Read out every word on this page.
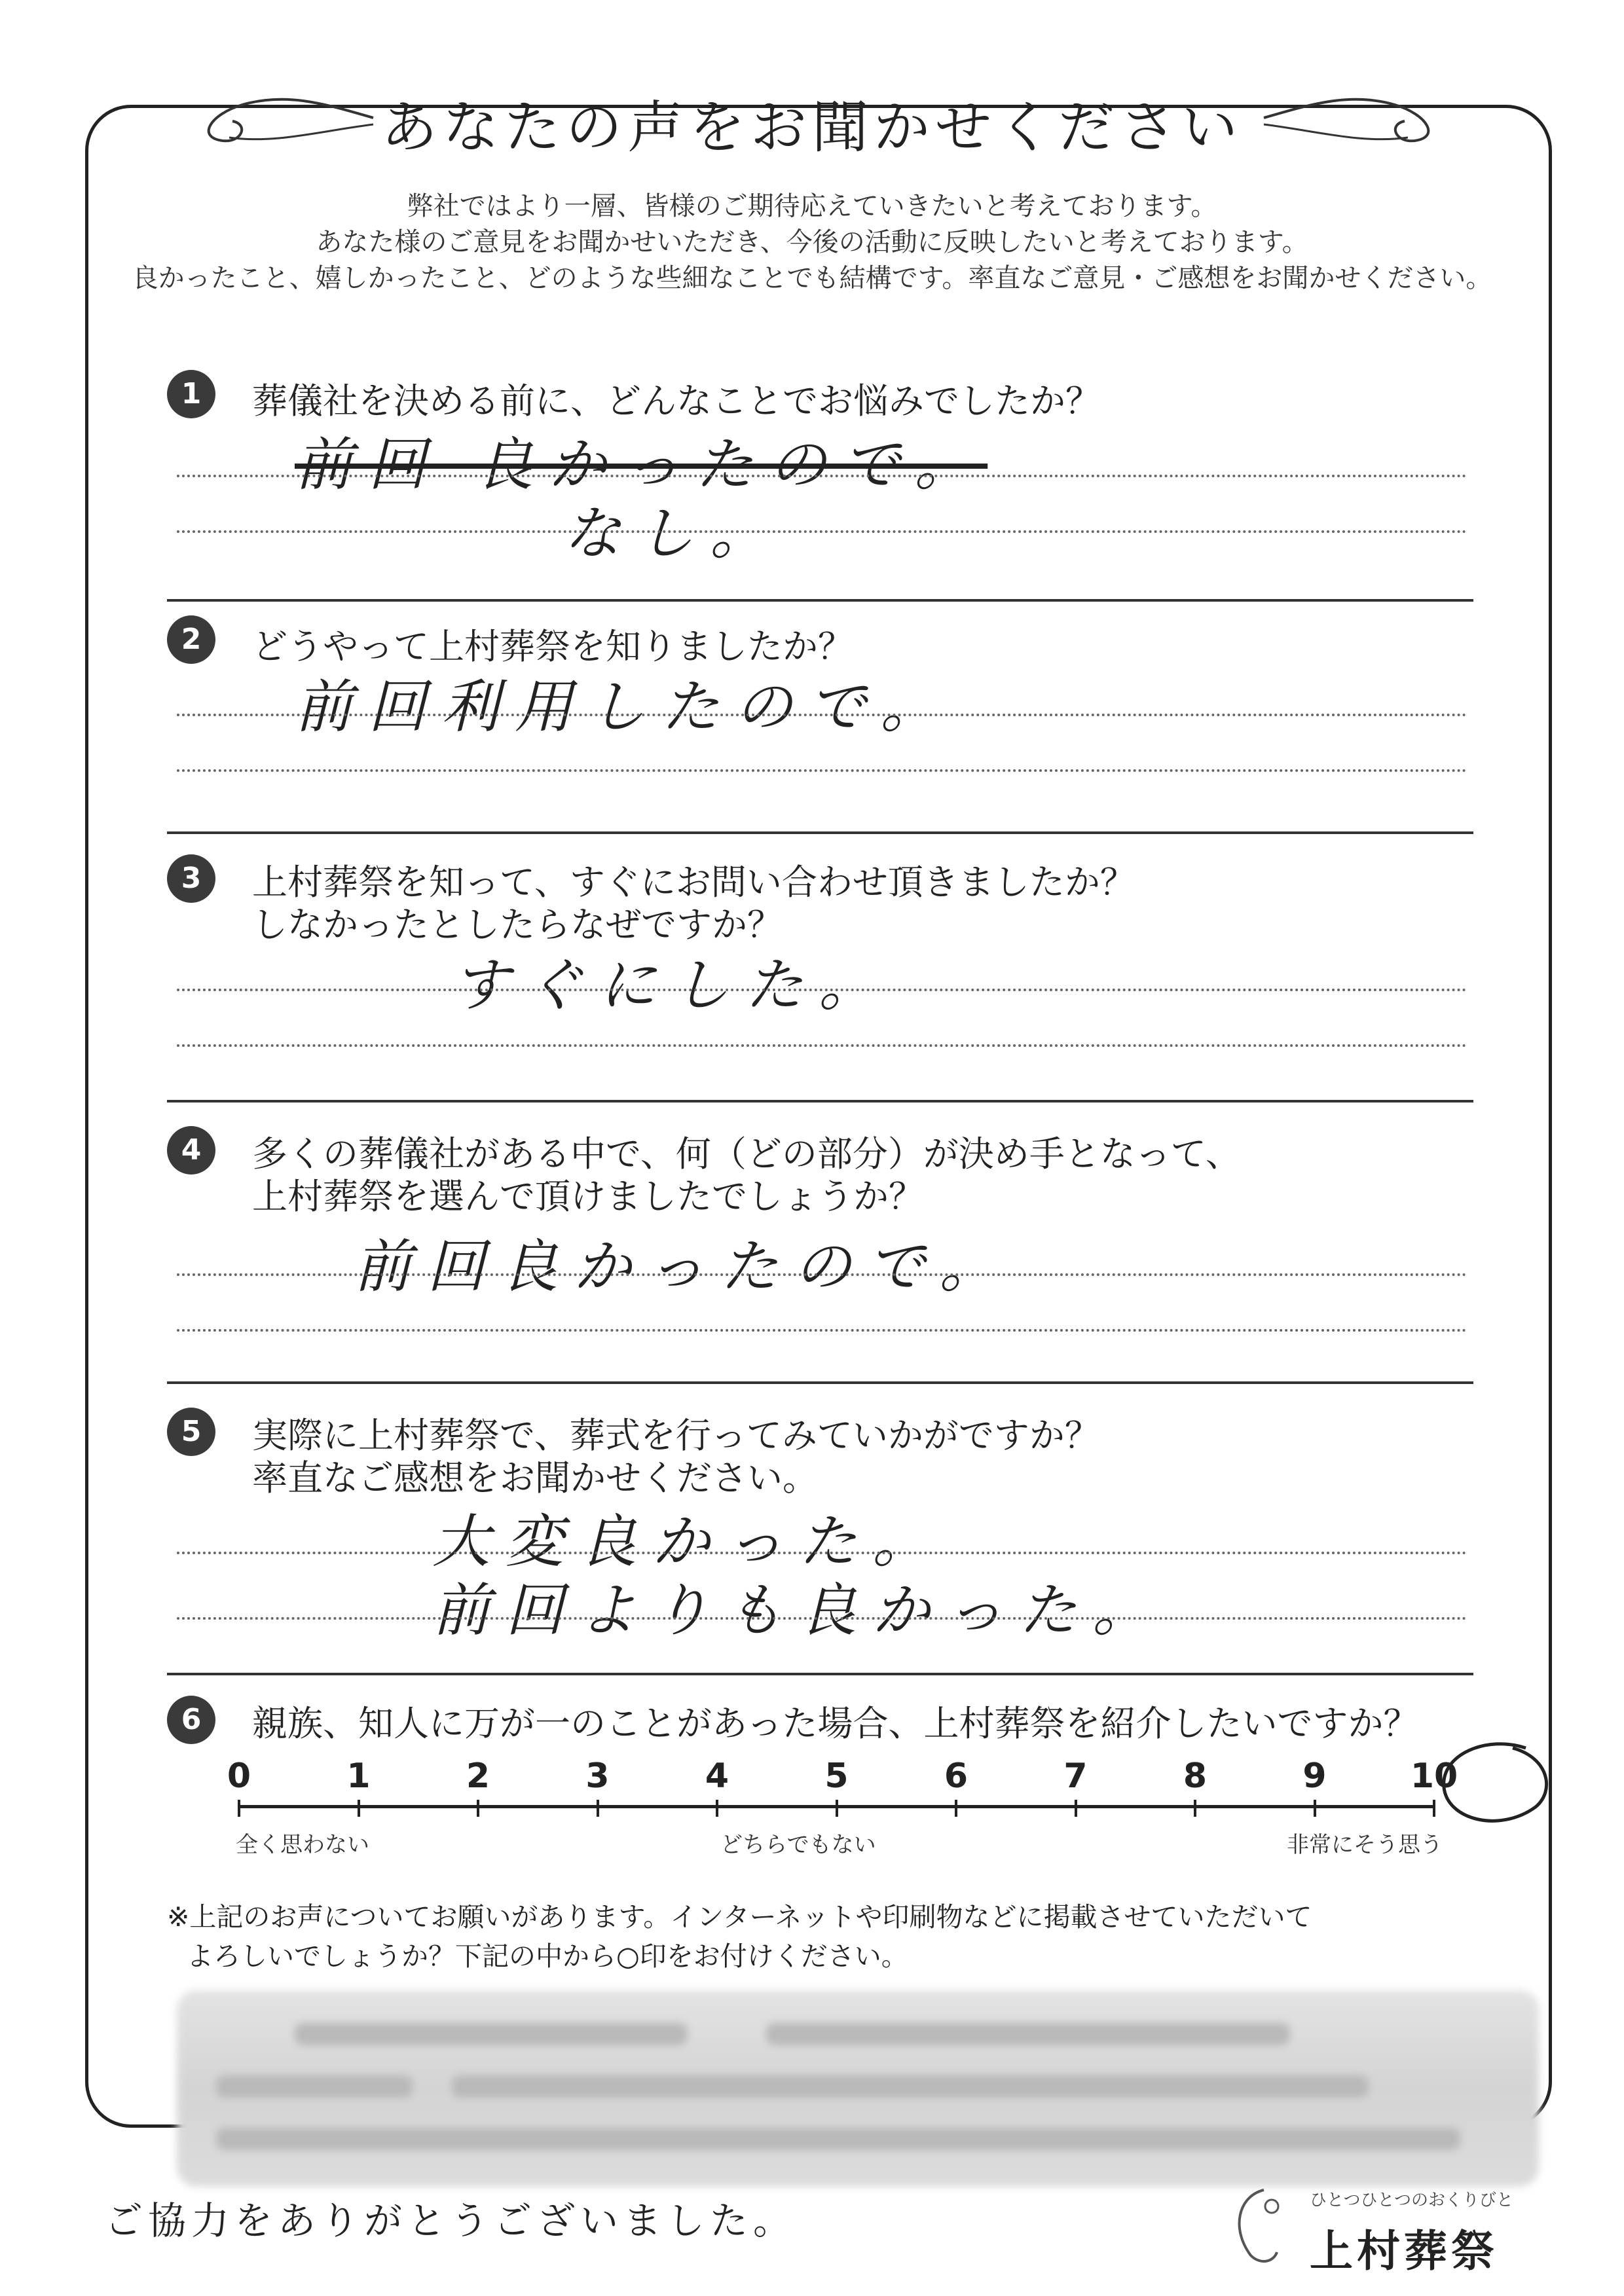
あなたの声をお聞かせください
弊社ではより一層、皆様のご期待応えていきたいと考えております。
あなた様のご意見をお聞かせいただき、今後の活動に反映したいと考えております。
良かったこと、嬉しかったこと、どのような些細なことでも結構です。率直なご意見・ご感想をお聞かせください。
1	葬儀社を決める前に、どんなことでお悩みでしたか？
前回 良かったので。
なし。
2	どうやって上村葬祭を知りましたか？
前回利用したので。
3	上村葬祭を知って、すぐにお問い合わせ頂きましたか？
しなかったとしたらなぜですか？
すぐにした。
4	多くの葬儀社がある中で、何（どの部分）が決め手となって、
上村葬祭を選んで頂けましたでしょうか？
前回良かったので。
5	実際に上村葬祭で、葬式を行ってみていかがですか？
率直なご感想をお聞かせください。
大変良かった。
前回よりも良かった。
6	親族、知人に万が一のことがあった場合、上村葬祭を紹介したいですか？
0	1	2	3	4	5	6	7	8	9	10
全く思わない	どちらでもない	非常にそう思う
※上記のお声についてお願いがあります。インターネットや印刷物などに掲載させていただいて
よろしいでしょうか？下記の中から○印をお付けください。
ご協力をありがとうございました。	ひとつひとつのおくりびと
上村葬祭
